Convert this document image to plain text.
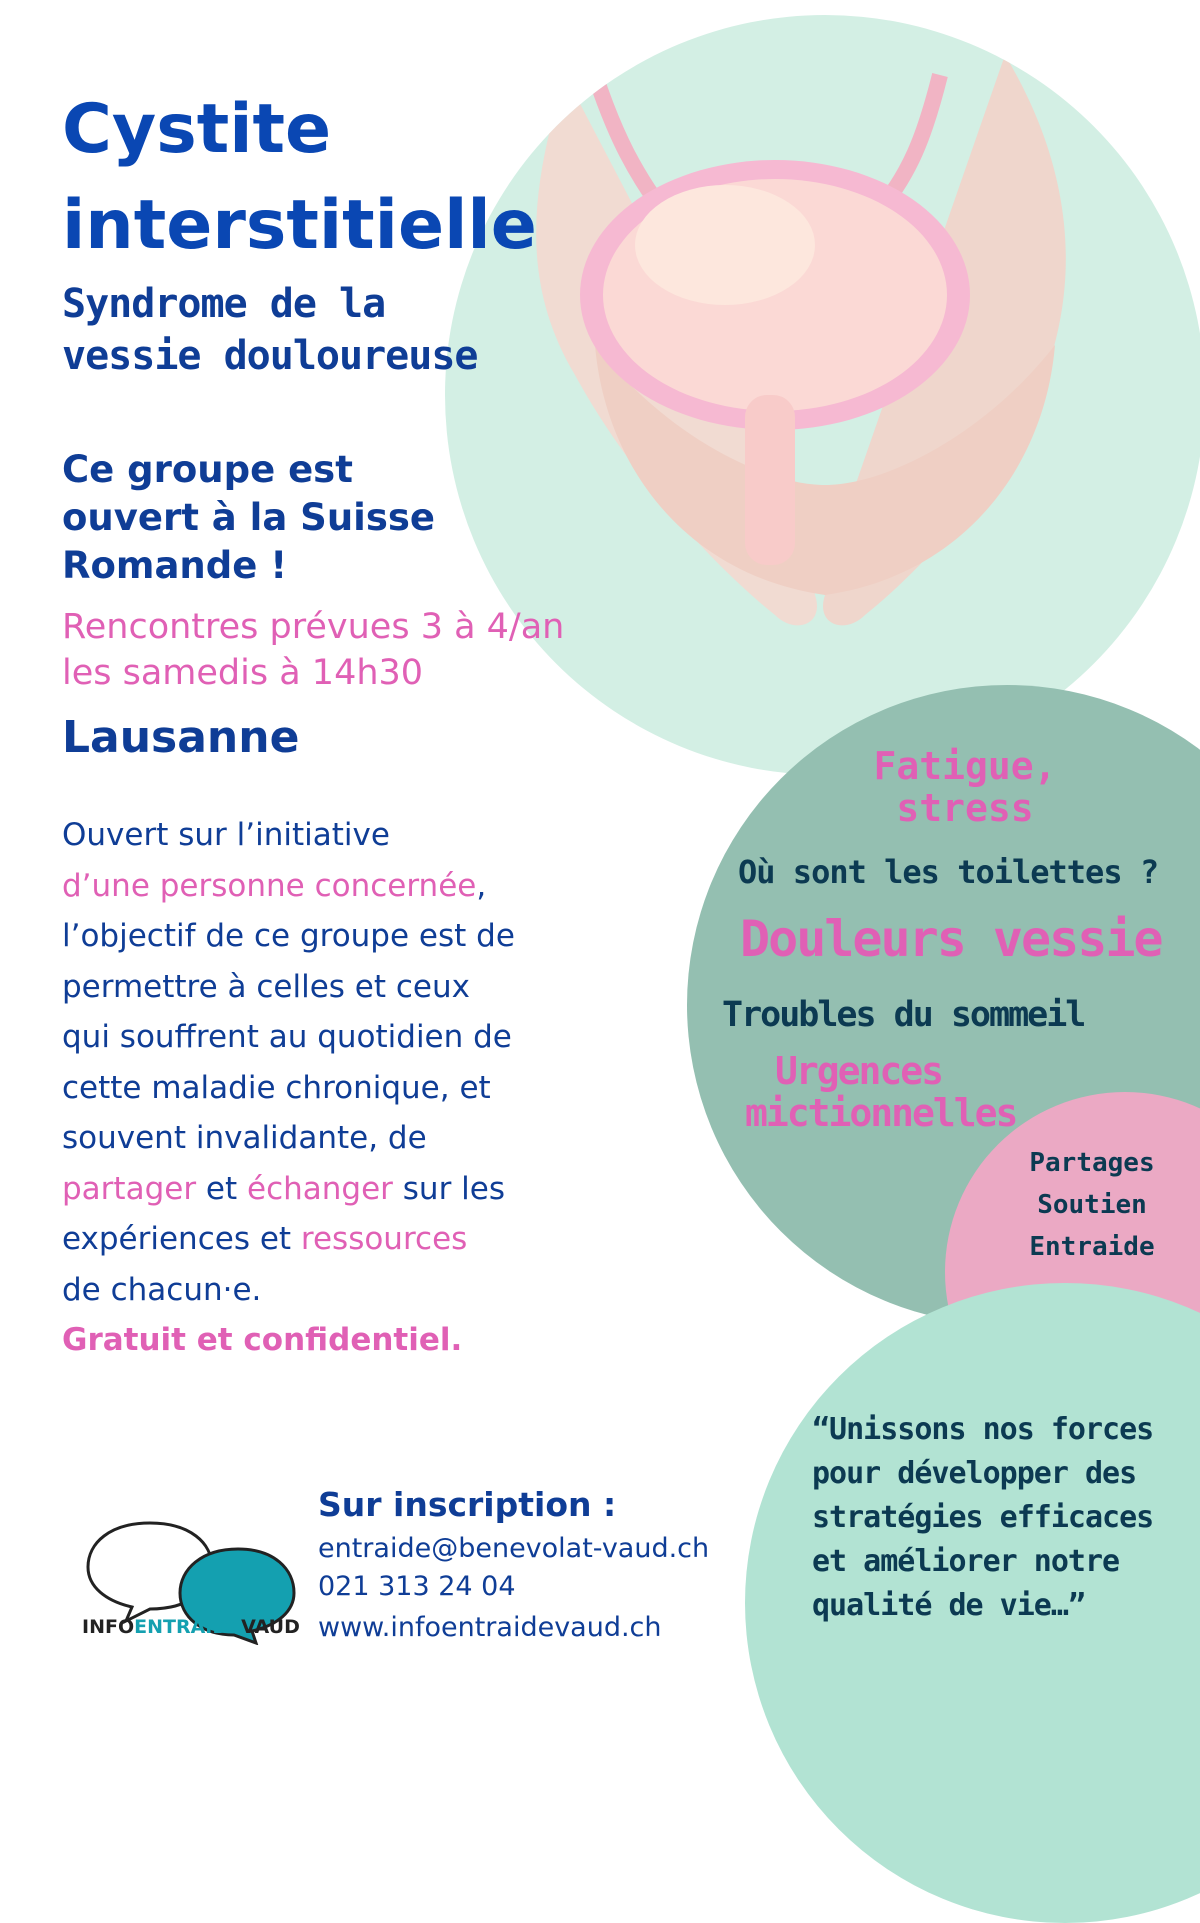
Cystite
interstitielle
Syndrome de la
vessie douloureuse
Ce groupe est
ouvert à la Suisse
Romande !
Rencontres prévues 3 à 4/an
les samedis à 14h30
Lausanne
Ouvert sur l’initiative
d’une personne concernée,
l’objectif de ce groupe est de
permettre à celles et ceux
qui souffrent au quotidien de
cette maladie chronique, et
souvent invalidante, de
partager et échanger sur les
expériences et ressources
de chacun·e.
Gratuit et confidentiel.
Fatigue,
stress
Où sont les toilettes ?
Douleurs vessie
Troubles du sommeil
Urgences
mictionnelles
Partages
Soutien
Entraide
“Unissons nos forces
pour développer des
stratégies efficaces
et améliorer notre
qualité de vie…”
INFOENTRAIDEVAUD
Sur inscription :
entraide@benevolat-vaud.ch
021 313 24 04
www.infoentraidevaud.ch
